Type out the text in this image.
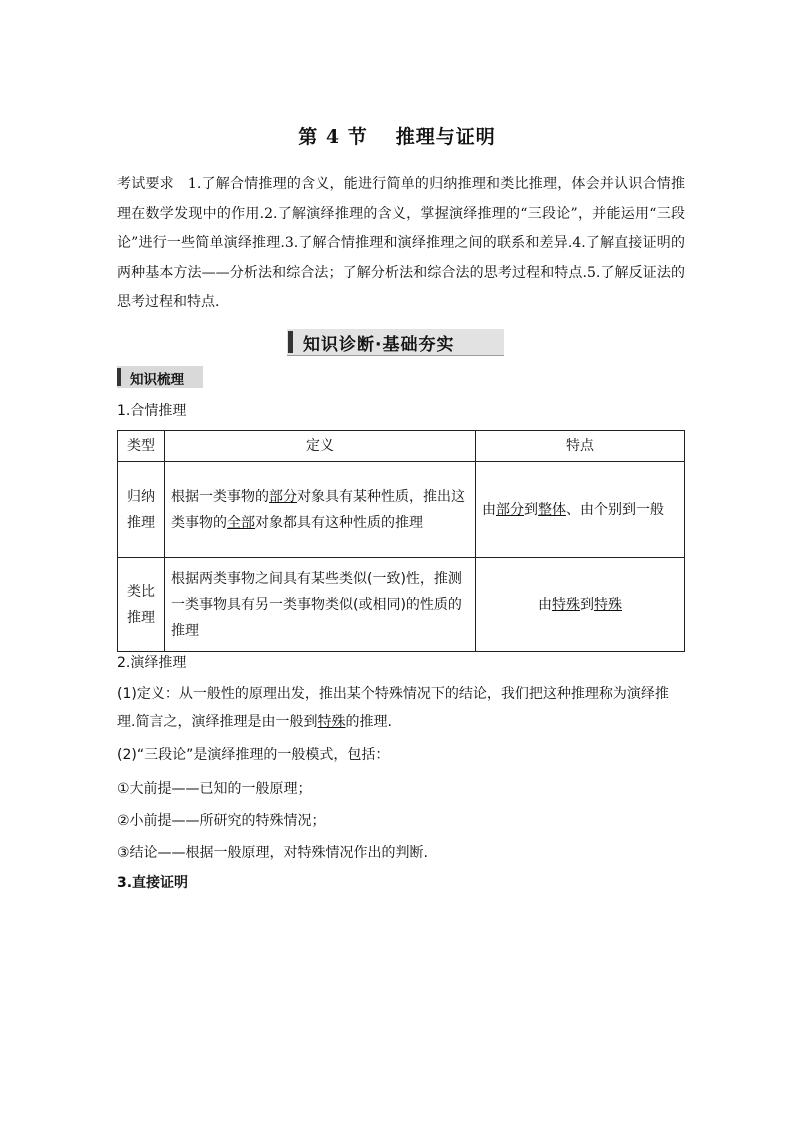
第 4 节 推理与证明
考试要求 1.了解合情推理的含义，能进行简单的归纳推理和类比推理，体会并认识合情推理在数学发现中的作用.2.了解演绎推理的含义，掌握演绎推理的“三段论”，并能运用“三段论”进行一些简单演绎推理.3.了解合情推理和演绎推理之间的联系和差异.4.了解直接证明的两种基本方法——分析法和综合法；了解分析法和综合法的思考过程和特点.5.了解反证法的思考过程和特点.
知识诊断·基础夯实
知识梳理
1.合情推理
类型	定义	特点
归纳
推理	根据一类事物的部分对象具有某种性质，推出这类事物的全部对象都具有这种性质的推理	由部分到整体、由个别到一般
类比
推理	根据两类事物之间具有某些类似(一致)性，推测一类事物具有另一类事物类似(或相同)的性质的推理	由特殊到特殊
2.演绎推理
(1)定义：从一般性的原理出发，推出某个特殊情况下的结论，我们把这种推理称为演绎推理.简言之，演绎推理是由一般到特殊的推理.
(2)“三段论”是演绎推理的一般模式，包括：
①大前提——已知的一般原理；
②小前提——所研究的特殊情况；
③结论——根据一般原理，对特殊情况作出的判断.
3.直接证明
